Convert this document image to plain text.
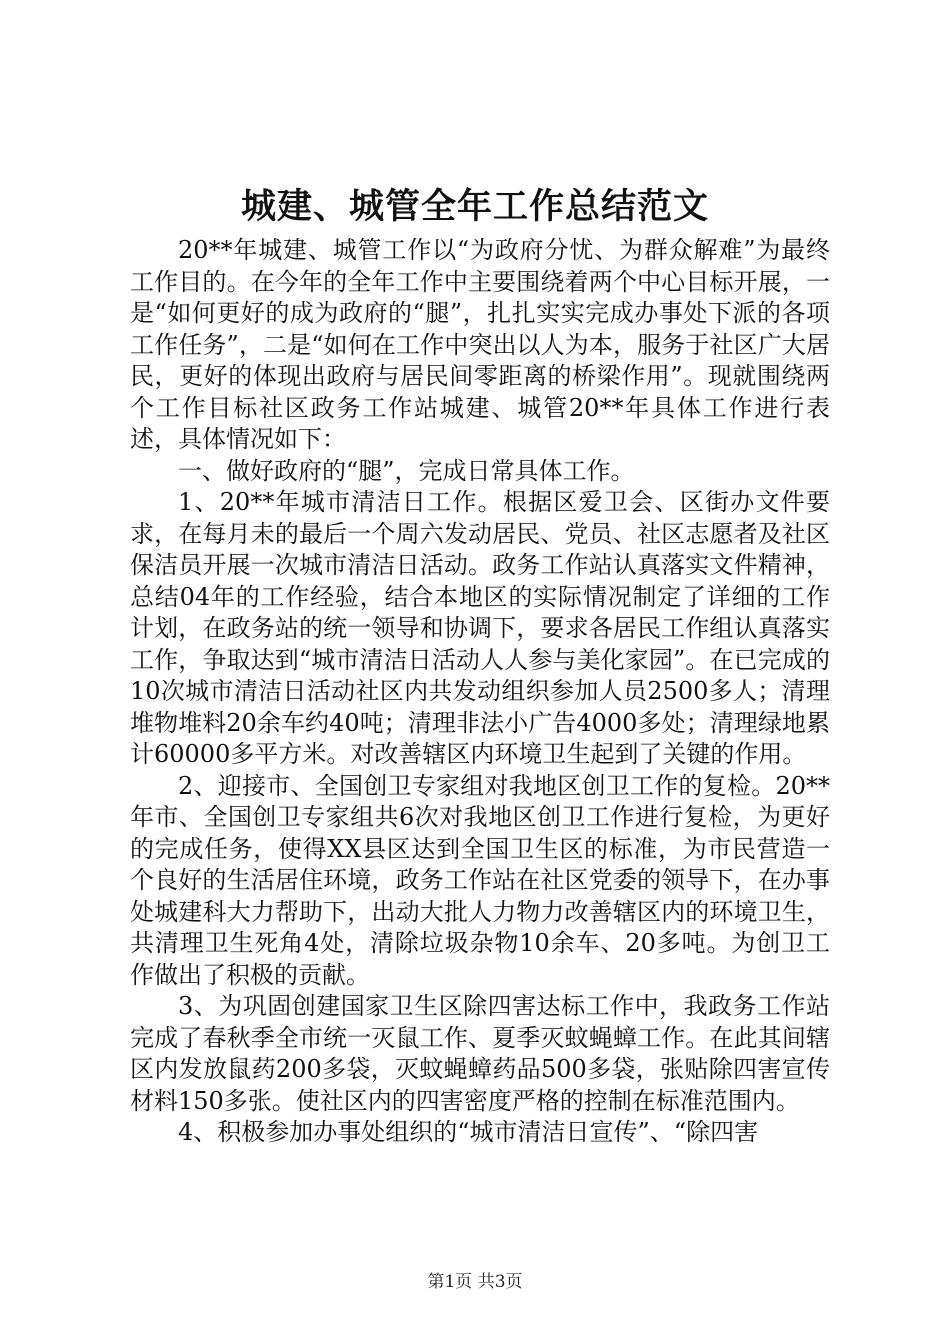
城建、城管全年工作总结范文

20**年城建、城管工作以“为政府分忧、为群众解难”为最终工作目的。在今年的全年工作中主要围绕着两个中心目标开展，一是“如何更好的成为政府的“腿”，扎扎实实完成办事处下派的各项工作任务”，二是“如何在工作中突出以人为本，服务于社区广大居民，更好的体现出政府与居民间零距离的桥梁作用”。现就围绕两个工作目标社区政务工作站城建、城管20**年具体工作进行表述，具体情况如下：

一、做好政府的“腿”，完成日常具体工作。

1、20**年城市清洁日工作。根据区爱卫会、区街办文件要求，在每月未的最后一个周六发动居民、党员、社区志愿者及社区保洁员开展一次城市清洁日活动。政务工作站认真落实文件精神，总结04年的工作经验，结合本地区的实际情况制定了详细的工作计划，在政务站的统一领导和协调下，要求各居民工作组认真落实工作，争取达到“城市清洁日活动人人参与美化家园”。在已完成的10次城市清洁日活动社区内共发动组织参加人员2500多人；清理堆物堆料20余车约40吨；清理非法小广告4000多处；清理绿地累计60000多平方米。对改善辖区内环境卫生起到了关键的作用。

2、迎接市、全国创卫专家组对我地区创卫工作的复检。20**年市、全国创卫专家组共6次对我地区创卫工作进行复检，为更好的完成任务，使得XX县区达到全国卫生区的标准，为市民营造一个良好的生活居住环境，政务工作站在社区党委的领导下，在办事处城建科大力帮助下，出动大批人力物力改善辖区内的环境卫生，共清理卫生死角4处，清除垃圾杂物10余车、20多吨。为创卫工作做出了积极的贡献。

3、为巩固创建国家卫生区除四害达标工作中，我政务工作站完成了春秋季全市统一灭鼠工作、夏季灭蚊蝇蟑工作。在此其间辖区内发放鼠药200多袋，灭蚊蝇蟑药品500多袋，张贴除四害宣传材料150多张。使社区内的四害密度严格的控制在标准范围内。

4、积极参加办事处组织的“城市清洁日宣传”、“除四害

第1页 共3页
